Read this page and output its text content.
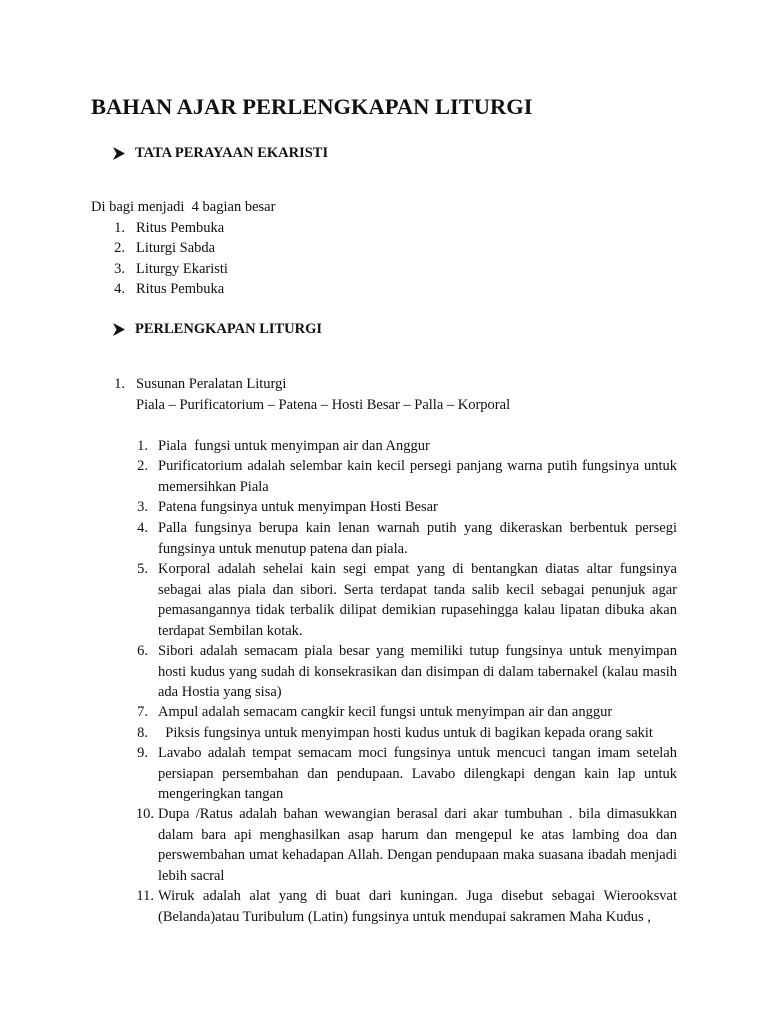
BAHAN AJAR PERLENGKAPAN LITURGI
TATA PERAYAAN EKARISTI
Di bagi menjadi  4 bagian besar
1. Ritus Pembuka
2. Liturgi Sabda
3. Liturgy Ekaristi
4. Ritus Pembuka
PERLENGKAPAN LITURGI
1. Susunan Peralatan Liturgi
Piala – Purificatorium – Patena – Hosti Besar – Palla – Korporal
1. Piala  fungsi untuk menyimpan air dan Anggur
2. Purificatorium adalah selembar kain kecil persegi panjang warna putih fungsinya untuk memersihkan Piala
3. Patena fungsinya untuk menyimpan Hosti Besar
4. Palla fungsinya berupa kain lenan warnah putih yang dikeraskan berbentuk persegi fungsinya untuk menutup patena dan piala.
5. Korporal adalah sehelai kain segi empat yang di bentangkan diatas altar fungsinya sebagai alas piala dan sibori. Serta terdapat tanda salib kecil sebagai penunjuk agar pemasangannya tidak terbalik dilipat demikian rupasehingga kalau lipatan dibuka akan terdapat Sembilan kotak.
6. Sibori adalah semacam piala besar yang memiliki tutup fungsinya untuk menyimpan hosti kudus yang sudah di konsekrasikan dan disimpan di dalam tabernakel (kalau masih ada Hostia yang sisa)
7. Ampul adalah semacam cangkir kecil fungsi untuk menyimpan air dan anggur
8. Piksis fungsinya untuk menyimpan hosti kudus untuk di bagikan kepada orang sakit
9. Lavabo adalah tempat semacam moci fungsinya untuk mencuci tangan imam setelah persiapan persembahan dan pendupaan. Lavabo dilengkapi dengan kain lap untuk mengeringkan tangan
10. Dupa /Ratus adalah bahan wewangian berasal dari akar tumbuhan . bila dimasukkan dalam bara api menghasilkan asap harum dan mengepul ke atas lambing doa dan perswembahan umat kehadapan Allah. Dengan pendupaan maka suasana ibadah menjadi lebih sacral
11. Wiruk adalah alat yang di buat dari kuningan. Juga disebut sebagai Wierooksvat (Belanda)atau Turibulum (Latin) fungsinya untuk mendupai sakramen Maha Kudus ,
